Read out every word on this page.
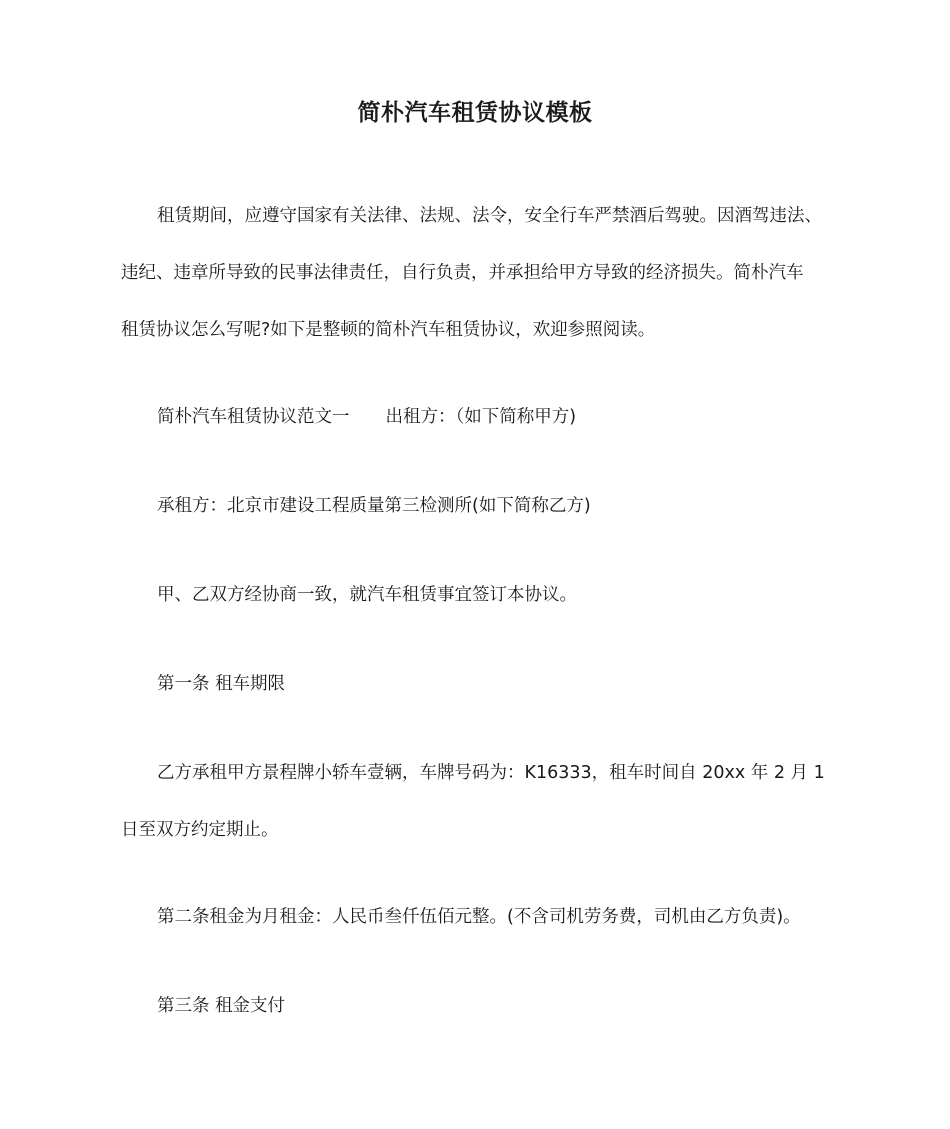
简朴汽车租赁协议模板
租赁期间，应遵守国家有关法律、法规、法令，安全行车严禁酒后驾驶。因酒驾违法、
违纪、违章所导致的民事法律责任，自行负责，并承担给甲方导致的经济损失。简朴汽车
租赁协议怎么写呢?如下是整顿的简朴汽车租赁协议，欢迎参照阅读。
简朴汽车租赁协议范文一 出租方：（如下简称甲方)
承租方：北京市建设工程质量第三检测所(如下简称乙方)
甲、乙双方经协商一致，就汽车租赁事宜签订本协议。
第一条 租车期限
乙方承租甲方景程牌小轿车壹辆，车牌号码为：K16333，租车时间自 20xx 年 2 月 1
日至双方约定期止。
第二条租金为月租金：人民币叁仟伍佰元整。(不含司机劳务费，司机由乙方负责)。
第三条 租金支付
